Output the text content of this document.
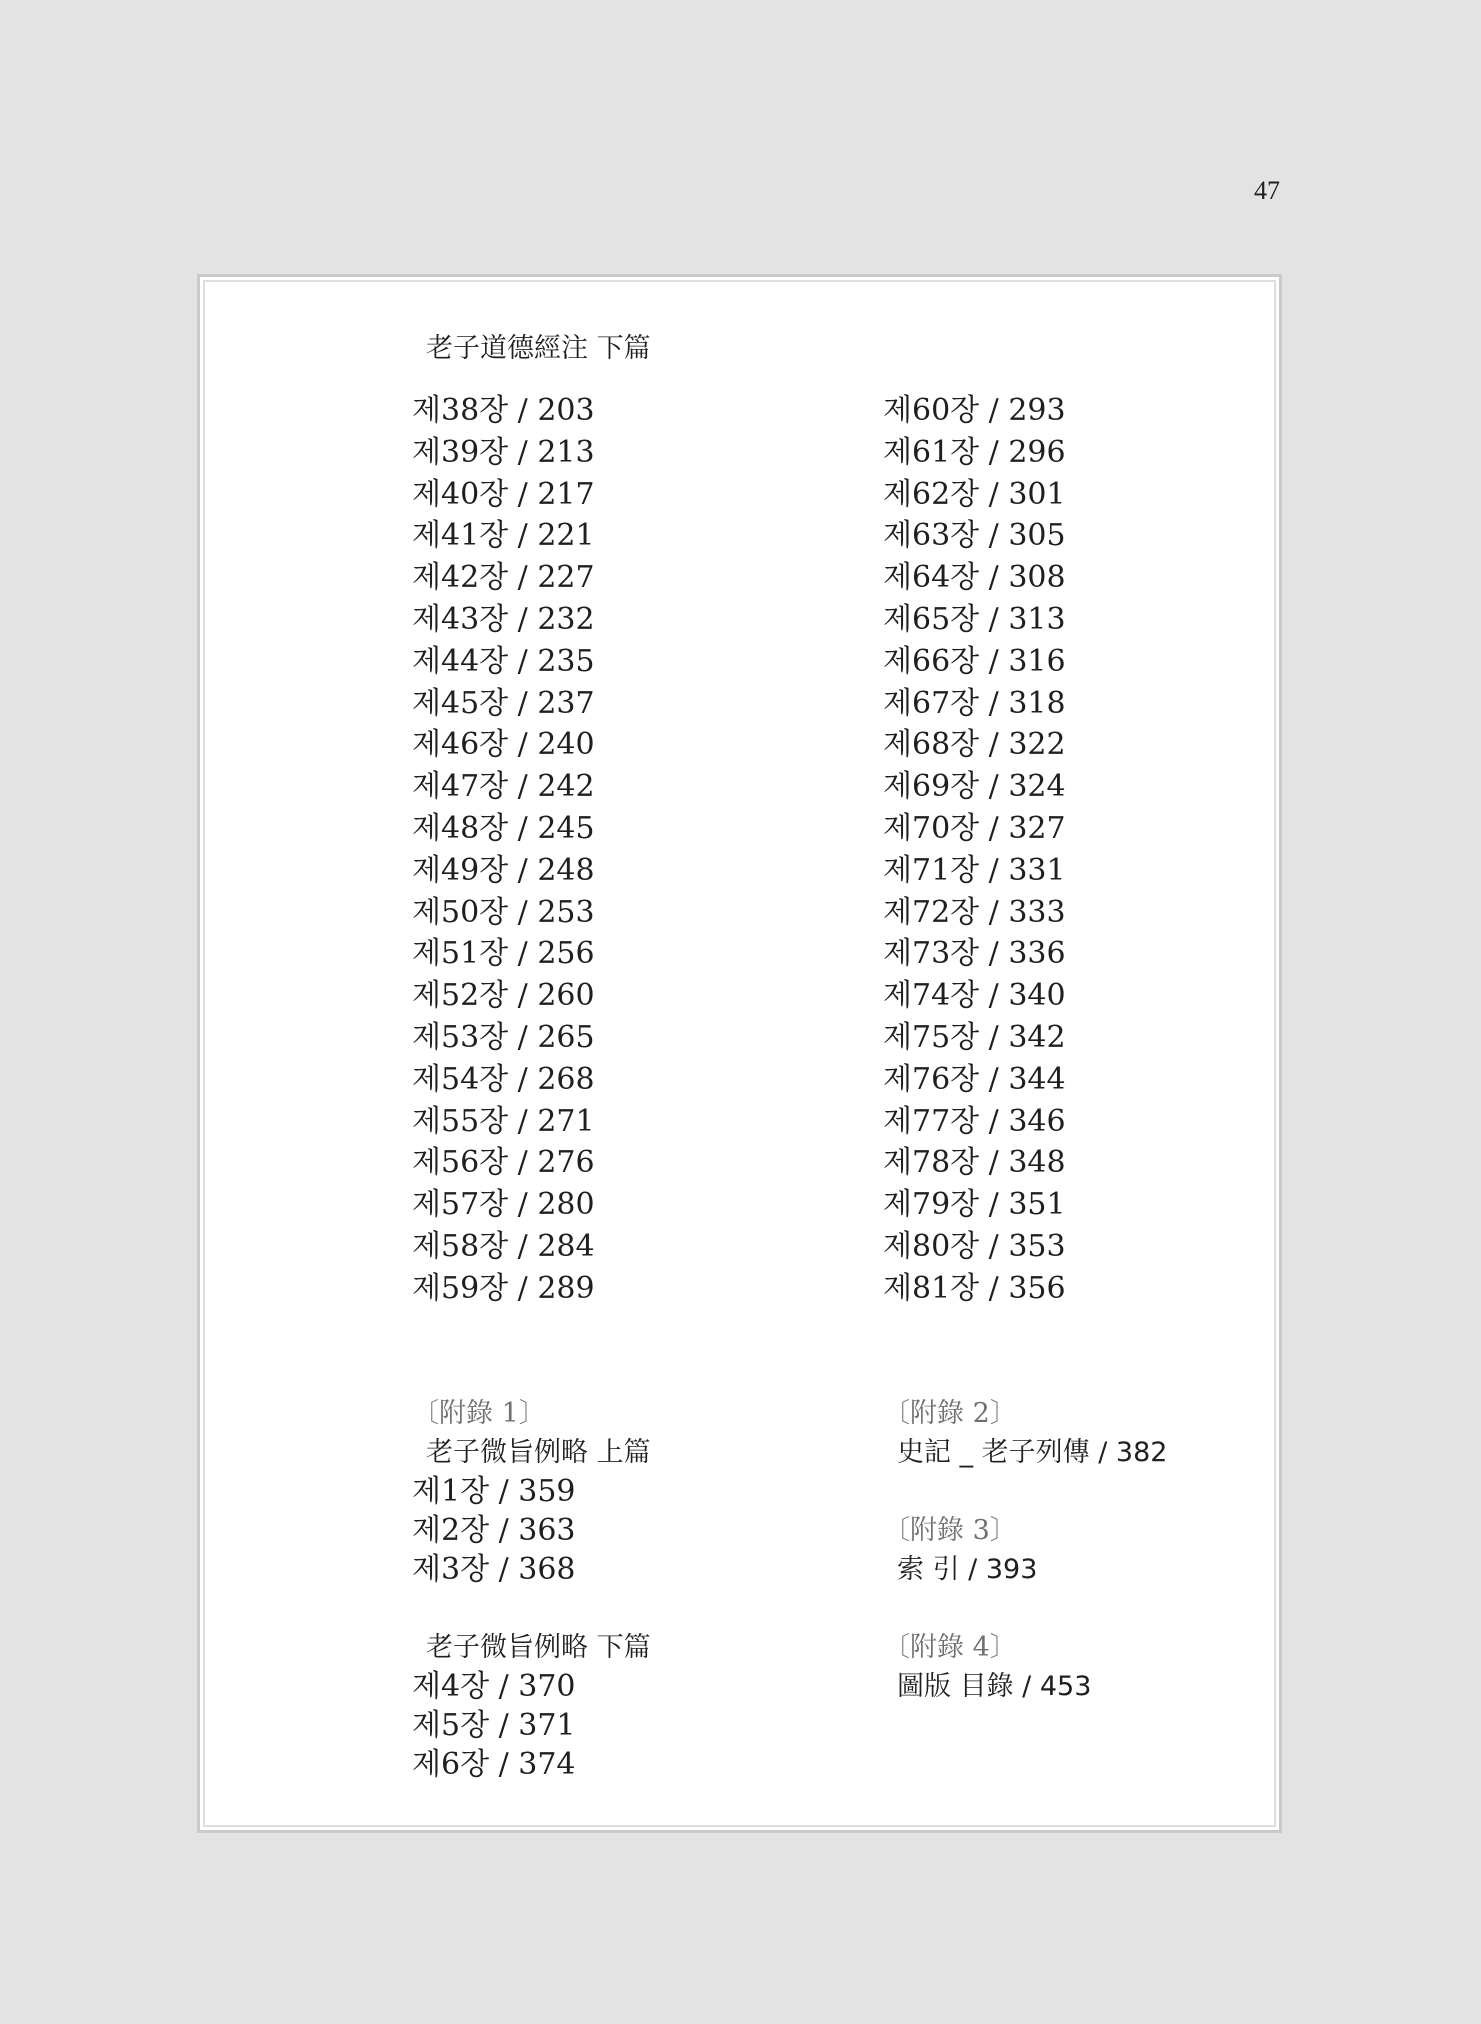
47
老子道德經注 下篇
제38장 / 203
제39장 / 213
제40장 / 217
제41장 / 221
제42장 / 227
제43장 / 232
제44장 / 235
제45장 / 237
제46장 / 240
제47장 / 242
제48장 / 245
제49장 / 248
제50장 / 253
제51장 / 256
제52장 / 260
제53장 / 265
제54장 / 268
제55장 / 271
제56장 / 276
제57장 / 280
제58장 / 284
제59장 / 289
제60장 / 293
제61장 / 296
제62장 / 301
제63장 / 305
제64장 / 308
제65장 / 313
제66장 / 316
제67장 / 318
제68장 / 322
제69장 / 324
제70장 / 327
제71장 / 331
제72장 / 333
제73장 / 336
제74장 / 340
제75장 / 342
제76장 / 344
제77장 / 346
제78장 / 348
제79장 / 351
제80장 / 353
제81장 / 356
〔附錄 1〕
老子微旨例略 上篇
제1장 / 359
제2장 / 363
제3장 / 368
老子微旨例略 下篇
제4장 / 370
제5장 / 371
제6장 / 374
〔附錄 2〕
史記 _ 老子列傳 / 382
〔附錄 3〕
索 引 / 393
〔附錄 4〕
圖版 目錄 / 453
